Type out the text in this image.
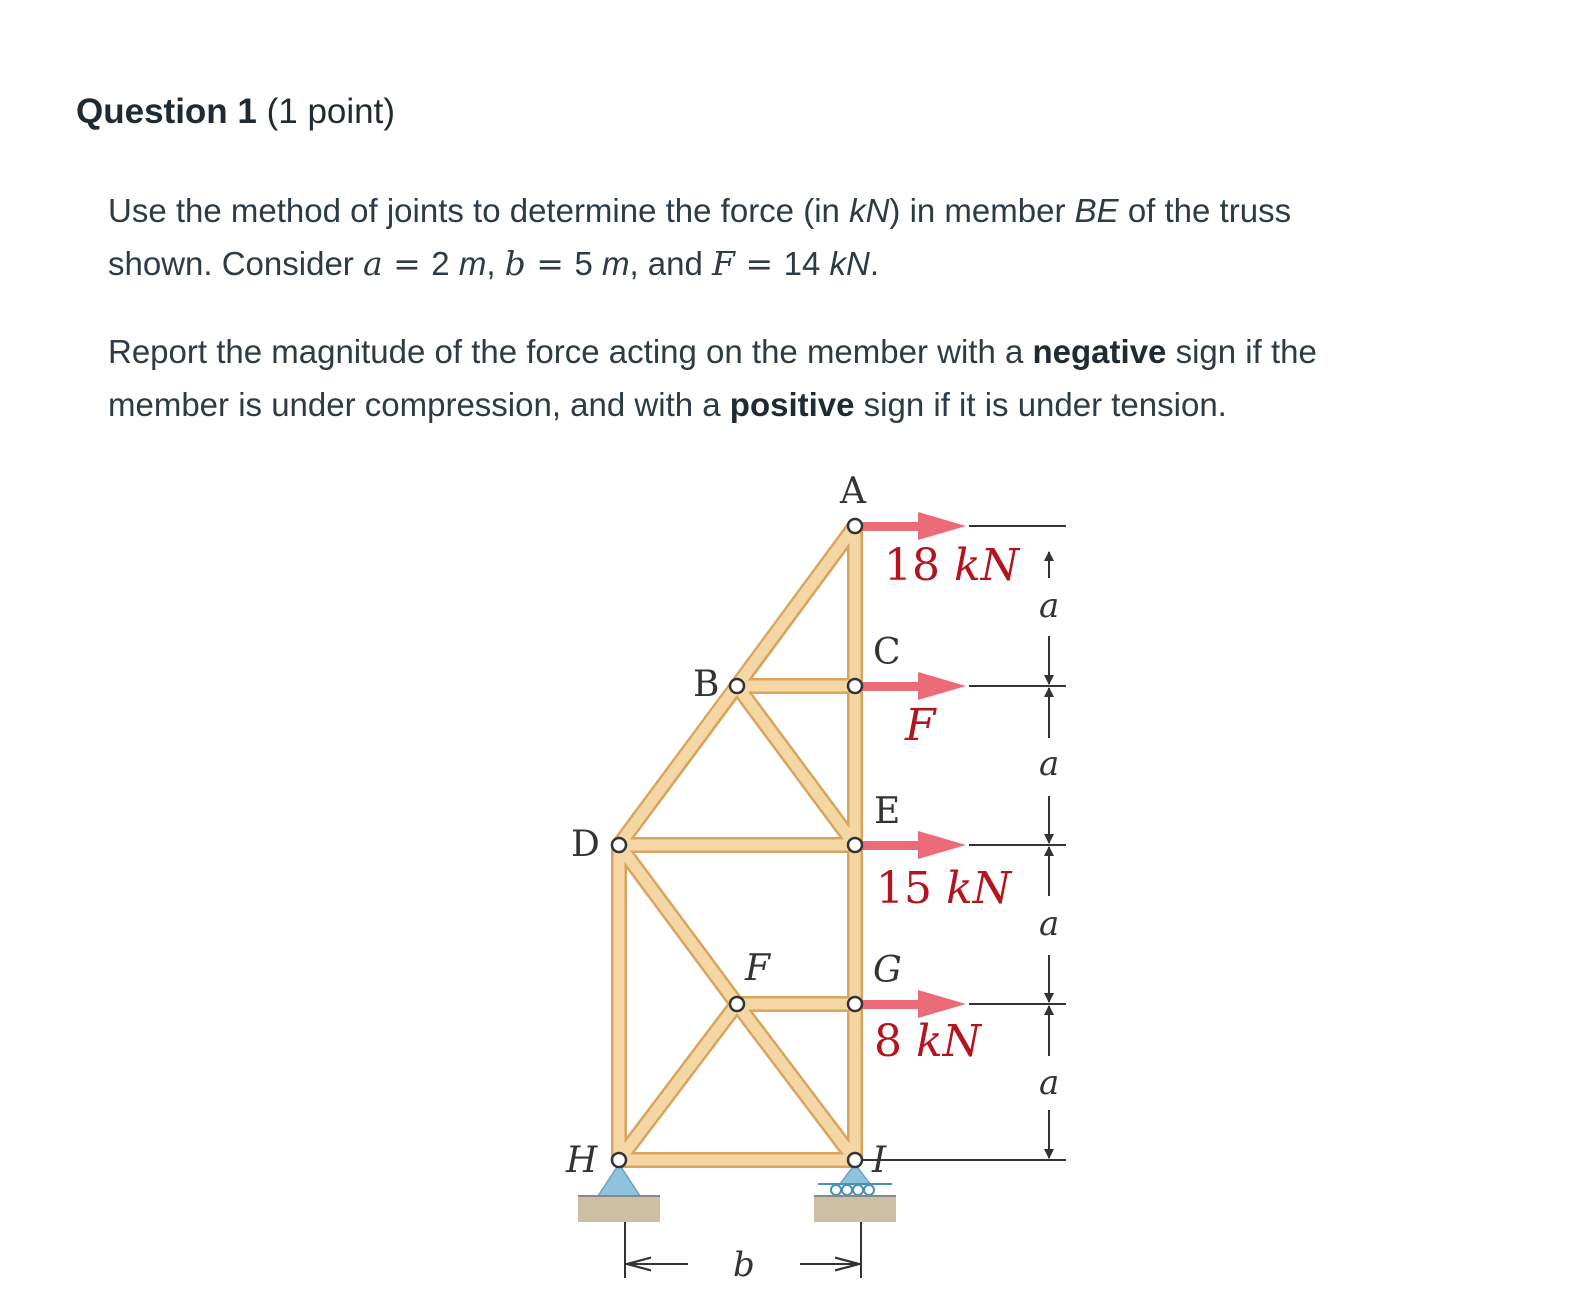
Question 1 (1 point)

Use the method of joints to determine the force (in kN) in member BE of the truss

shown. Consider a = 2 m, b = 5 m, and F = 14 kN.

Report the magnitude of the force acting on the member with a negative sign if the

member is under compression, and with a positive sign if it is under tension.

A
B
C
D
E
F	G
H	I
18 kN
F
15 kN
8 kN
a
a
a
a
b
